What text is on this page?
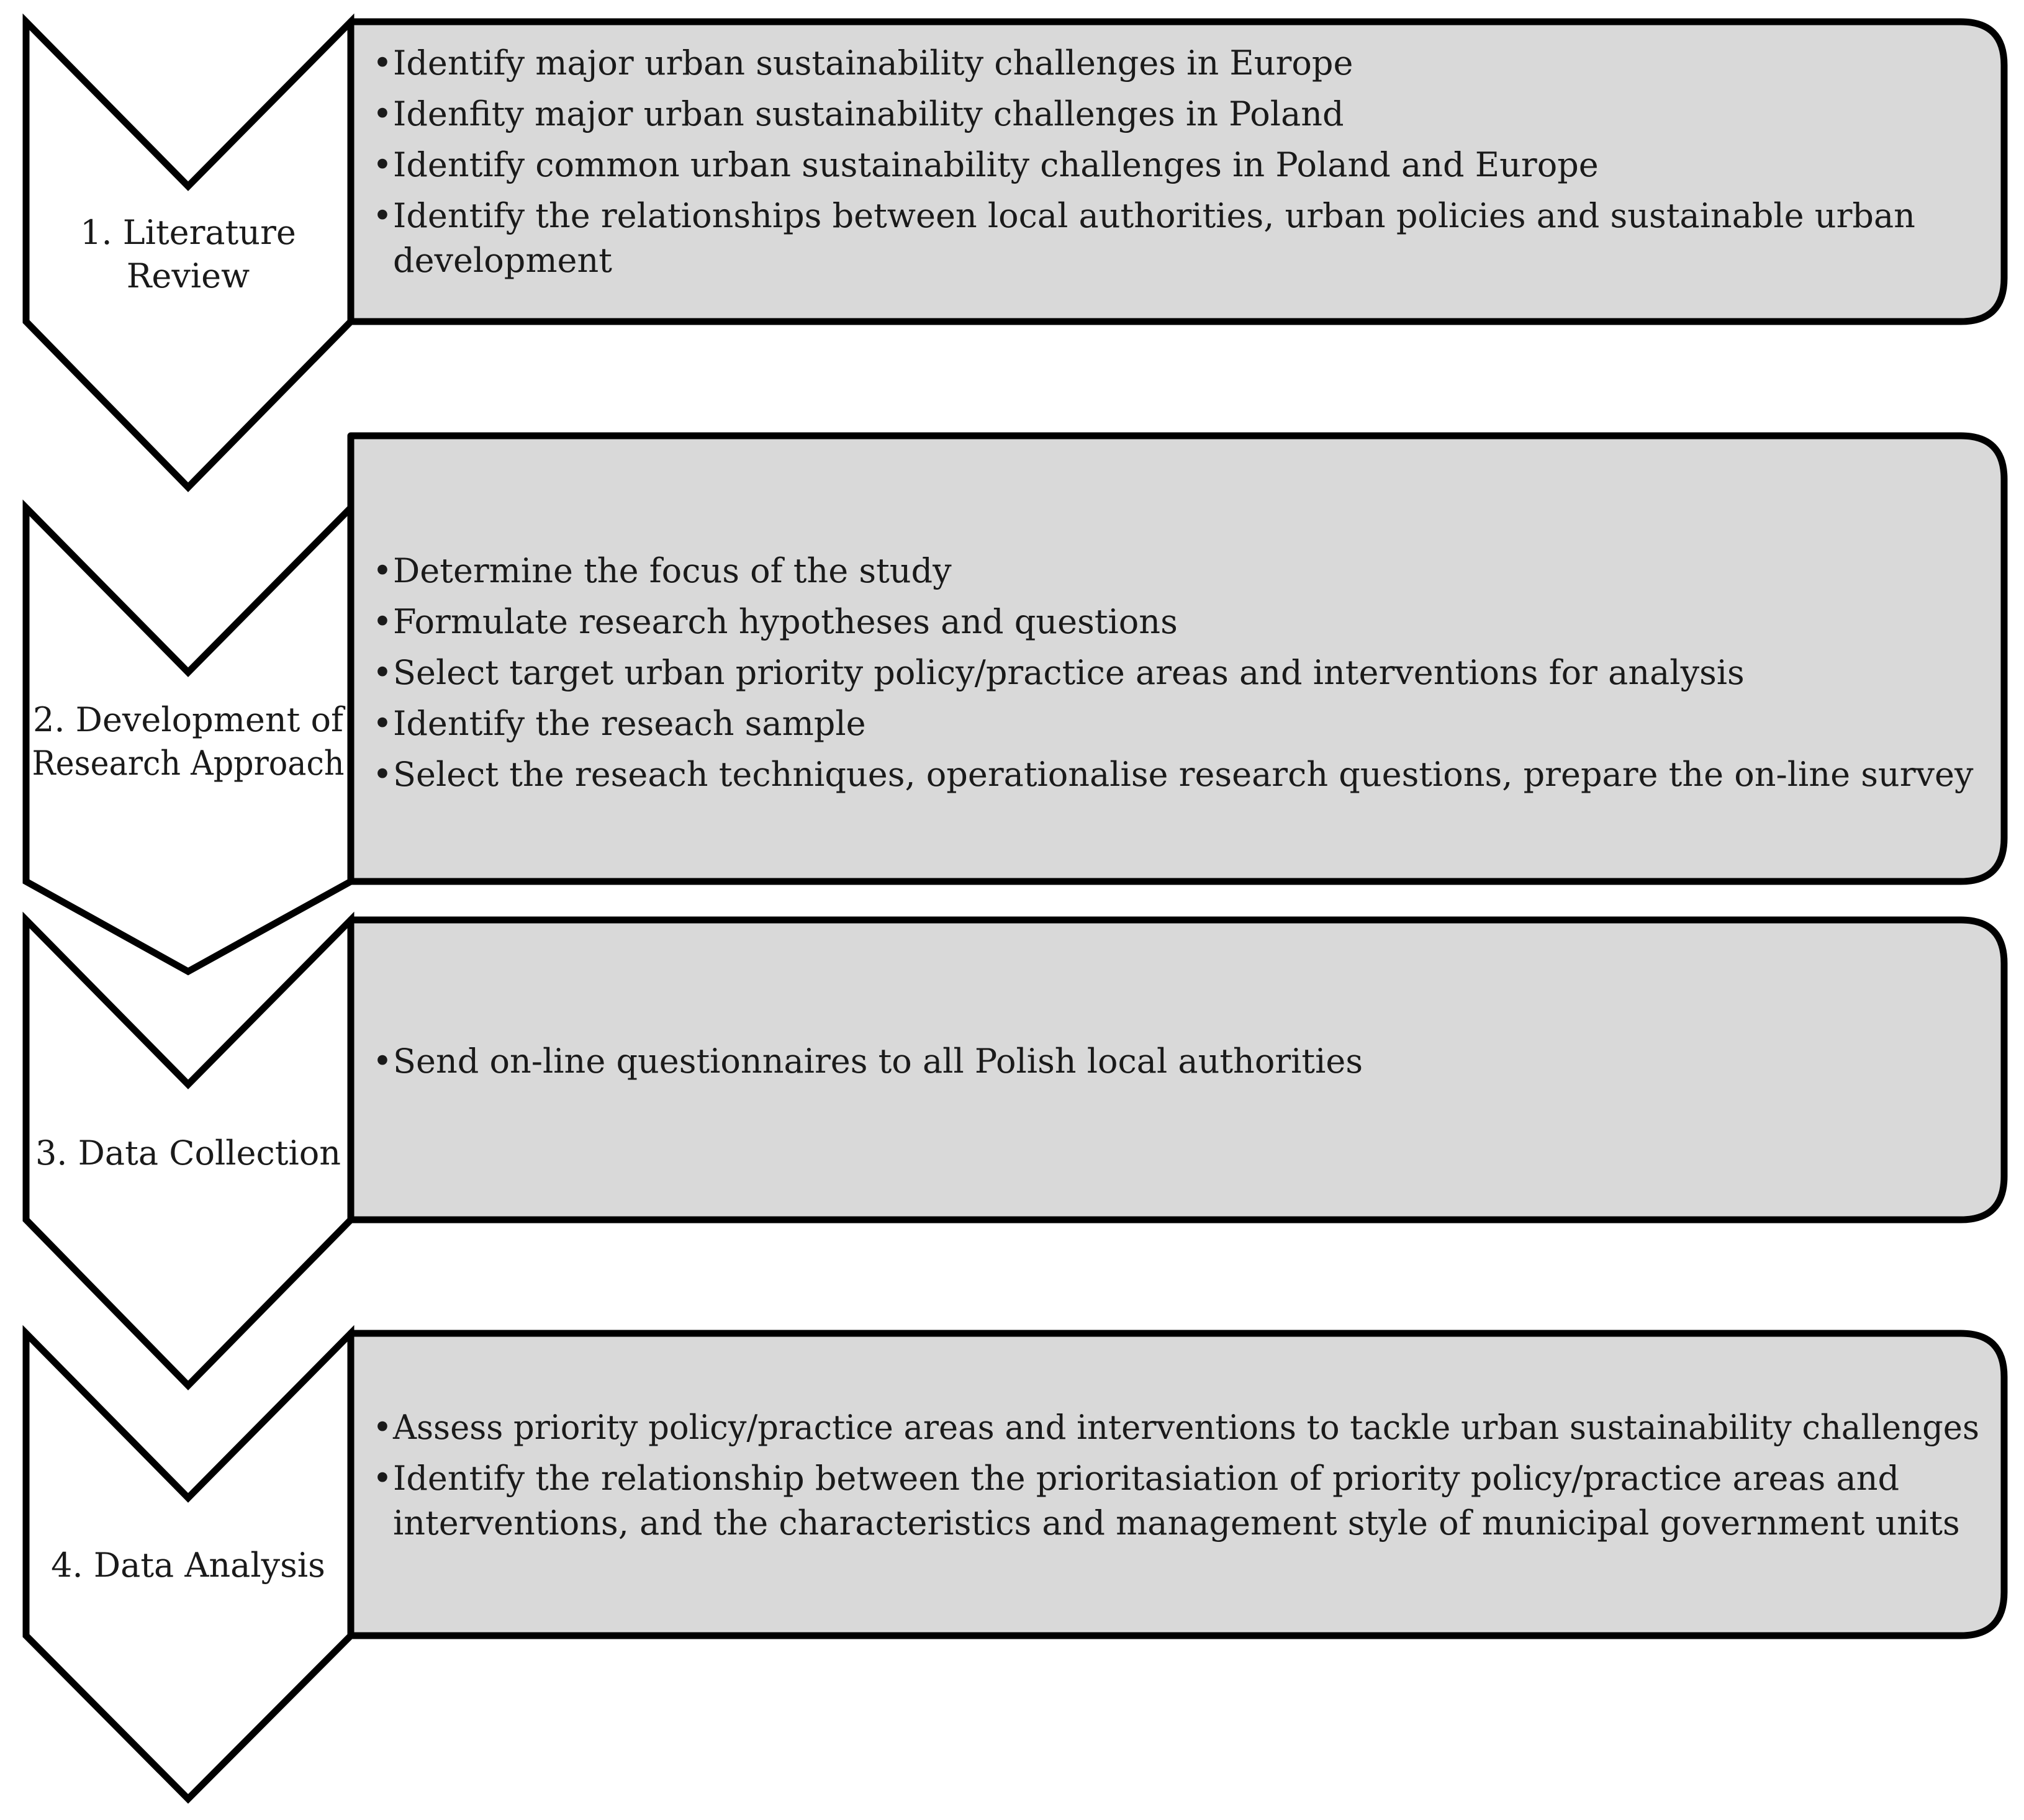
1. Literature
Review
• Identify major urban sustainability challenges in Europe
• Idenfity major urban sustainability challenges in Poland
• Identify common urban sustainability challenges in Poland and Europe
• Identify the relationships between local authorities, urban policies and sustainable urban
development
2. Development of
Research Approach
• Determine the focus of the study
• Formulate research hypotheses and questions
• Select target urban priority policy/practice areas and interventions for analysis
• Identify the reseach sample
• Select the reseach techniques, operationalise research questions, prepare the on-line survey
3. Data Collection
• Send on-line questionnaires to all Polish local authorities
4. Data Analysis
• Assess priority policy/practice areas and interventions to tackle urban sustainability challenges
• Identify the relationship between the prioritasiation of priority policy/practice areas and
interventions, and the characteristics and management style of municipal government units
